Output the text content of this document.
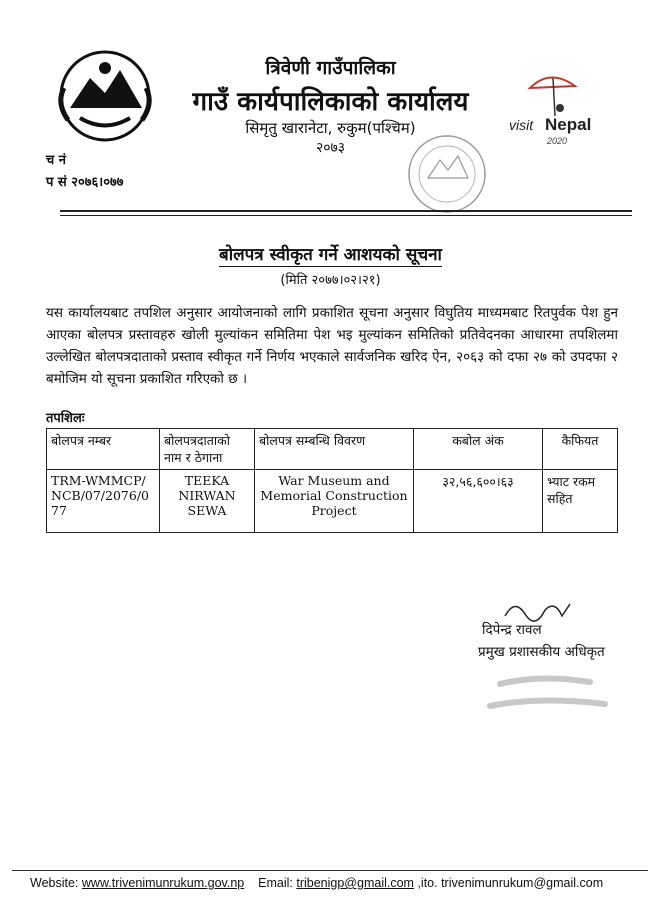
त्रिवेणी गाउँपालिका
गाउँ कार्यपालिकाको कार्यालय
सिमृतु खारानेटा, रुकुम(पश्चिम)
२०७३
visit Nepal
2020
च नं
प सं २०७६।०७७
बोलपत्र स्वीकृत गर्ने आशयको सूचना
(मिति २०७७।०२।२१)
यस कार्यालयबाट तपशिल अनुसार आयोजनाको लागि प्रकाशित सूचना अनुसार विघुतिय माध्यमबाट रितपुर्वक पेश हुन आएका बोलपत्र प्रस्तावहरु खोली मुल्यांकन समितिमा पेश भइ मुल्यांकन समितिको प्रतिवेदनका आधारमा तपशिलमा उल्लेखित बोलपत्रदाताको प्रस्ताव स्वीकृत गर्ने निर्णय भएकाले सार्वजनिक खरिद ऐन, २०६३ को दफा २७ को उपदफा २ बमोजिम यो सूचना प्रकाशित गरिएको छ ।
तपशिलः
बोलपत्र नम्बर	बोलपत्रदाताको नाम र ठेगाना	बोलपत्र सम्बन्धि विवरण	कबोल अंक	कैफियत
TRM-WMMCP/NCB/07/2076/077	TEEKA NIRWAN SEWA	War Museum and Memorial Construction Project	३२,५६,६००।६३	भ्याट रकम सहित
दिपेन्द्र रावल
प्रमुख प्रशासकीय अधिकृत
Website: www.trivenimunrukum.gov.np Email: tribenigp@gmail.com ,ito. trivenimunrukum@gmail.com
